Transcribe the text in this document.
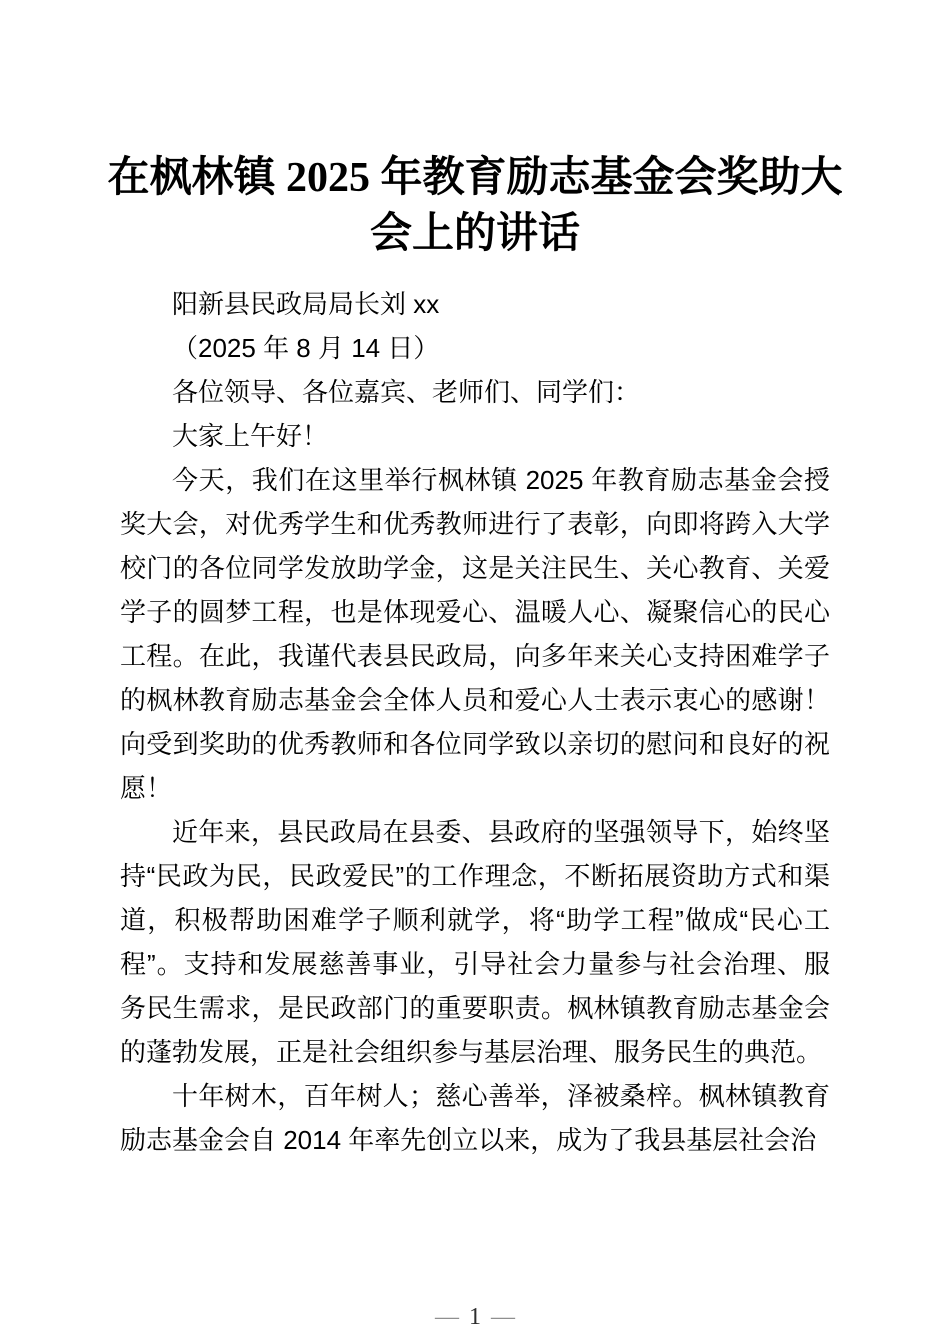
在枫林镇 2025 年教育励志基金会奖助大会上的讲话

阳新县民政局局长刘 xx

（2025 年 8 月 14 日）

各位领导、各位嘉宾、老师们、同学们：

大家上午好！

今天，我们在这里举行枫林镇 2025 年教育励志基金会授奖大会，对优秀学生和优秀教师进行了表彰，向即将跨入大学校门的各位同学发放助学金，这是关注民生、关心教育、关爱学子的圆梦工程，也是体现爱心、温暖人心、凝聚信心的民心工程。在此，我谨代表县民政局，向多年来关心支持困难学子的枫林教育励志基金会全体人员和爱心人士表示衷心的感谢！向受到奖助的优秀教师和各位同学致以亲切的慰问和良好的祝愿！

近年来，县民政局在县委、县政府的坚强领导下，始终坚持“民政为民，民政爱民”的工作理念，不断拓展资助方式和渠道，积极帮助困难学子顺利就学，将“助学工程”做成“民心工程”。支持和发展慈善事业，引导社会力量参与社会治理、服务民生需求，是民政部门的重要职责。枫林镇教育励志基金会的蓬勃发展，正是社会组织参与基层治理、服务民生的典范。

十年树木，百年树人；慈心善举，泽被桑梓。枫林镇教育励志基金会自 2014 年率先创立以来，成为了我县基层社会治

— 1 —
